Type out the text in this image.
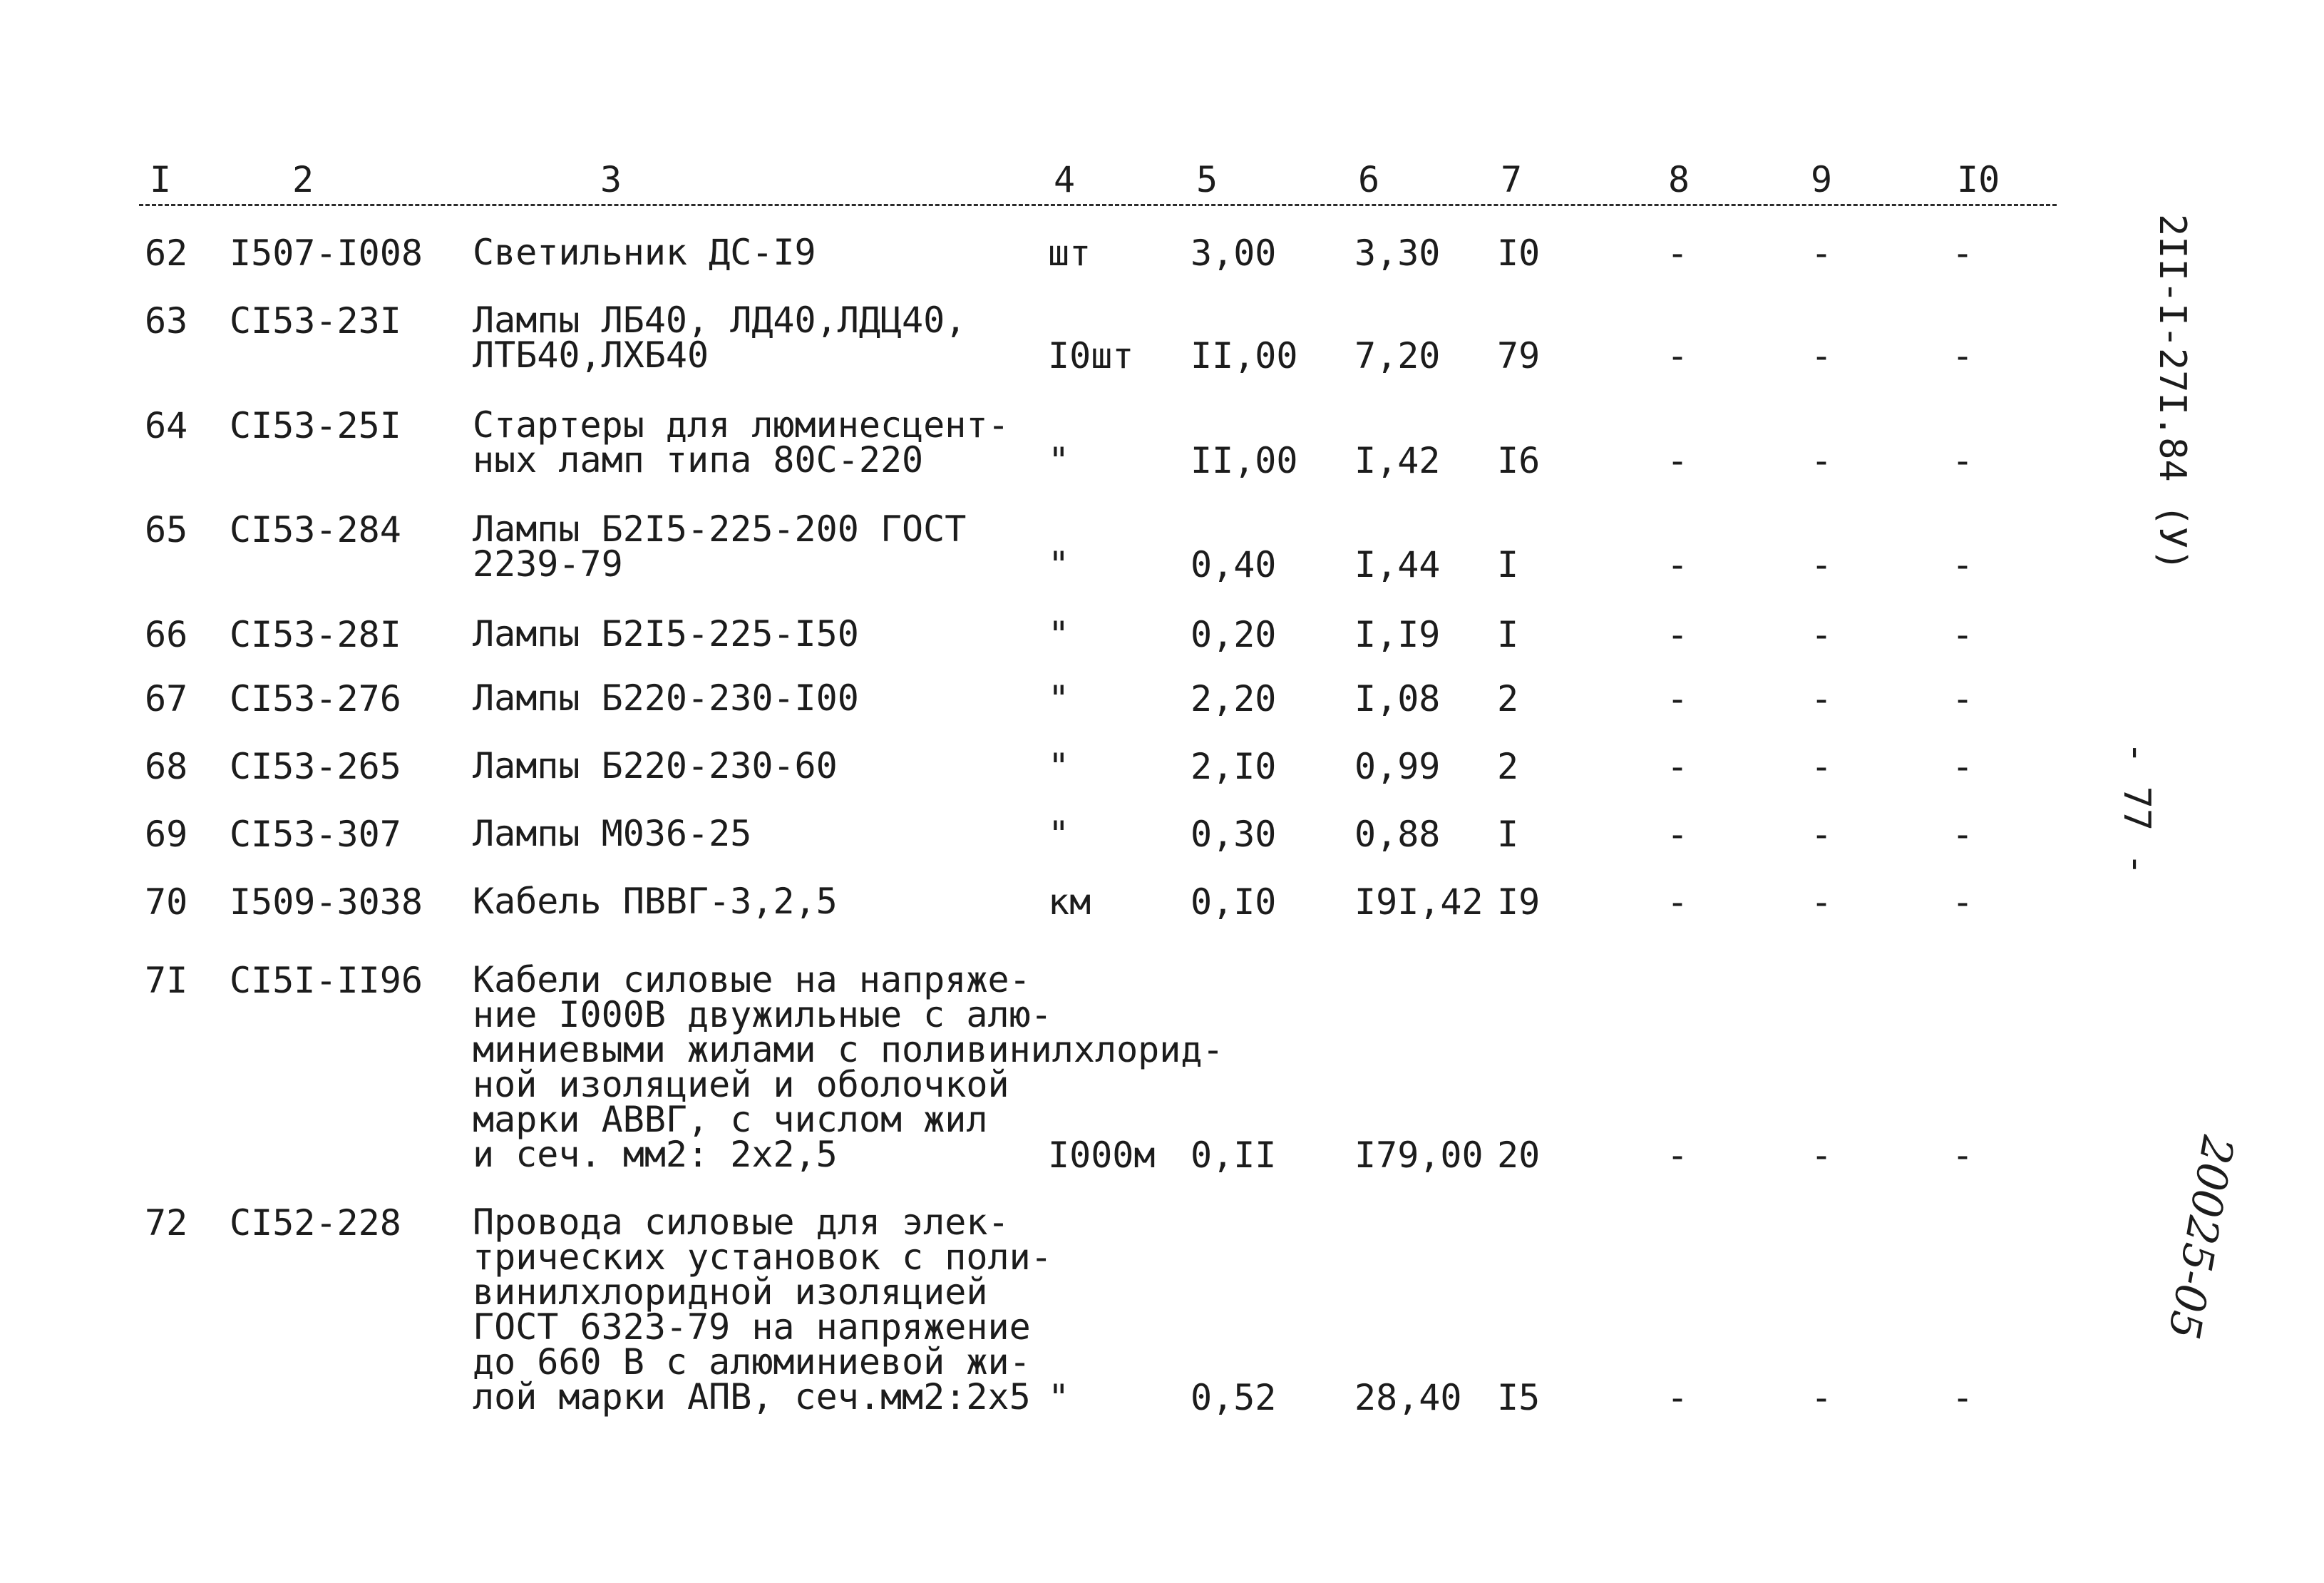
I	2	3	4	5	6	7	8	9	I0
62 I507-I008 Светильник ДС-I9	шт	3,00 3,30 I0	-	-	-
63 CI53-23I Лампы ЛБ40, ЛД40,ЛДЦ40,
ЛТБ40,ЛХБ40	I0шт II,00 7,20 79	-	-	-
64 CI53-25I Стартеры для люминесцент-
ных ламп типа 80С-220	"	II,00 I,42 I6	-	-	-
65 CI53-284 Лампы Б2I5-225-200 ГОСТ
2239-79	"	0,40 I,44 I	-	-	-
66 CI53-28I Лампы Б2I5-225-I50	"	0,20 I,I9 I	-	-	-
67 CI53-276 Лампы Б220-230-I00	"	2,20 I,08 2	-	-	-
68 CI53-265 Лампы Б220-230-60	"	2,I0 0,99 2	-	-	-
69 CI53-307 Лампы М036-25	"	0,30 0,88 I	-	-	-
70 I509-3038 Кабель ПВВГ-3,2,5	км	0,I0 I9I,42 I9	-	-	-
7I CI5I-II96 Кабели силовые на напряже-
ние I000В двужильные с алю-
миниевыми жилами с поливинилхлорид-
ной изоляцией и оболочкой
марки АВВГ, с числом жил
и сеч. мм2: 2х2,5	I000м 0,II I79,00 20	-	-	-
72 CI52-228 Провода силовые для элек-
трических установок с поли-
винилхлоридной изоляцией
ГОСТ 6323-79 на напряжение
до 660 В с алюминиевой жи-
лой марки АПВ, сеч.мм2:2х5 "	0,52 28,40 I5	-	-	-
2II-I-27I.84 (У)
- 77 -
20025-05
